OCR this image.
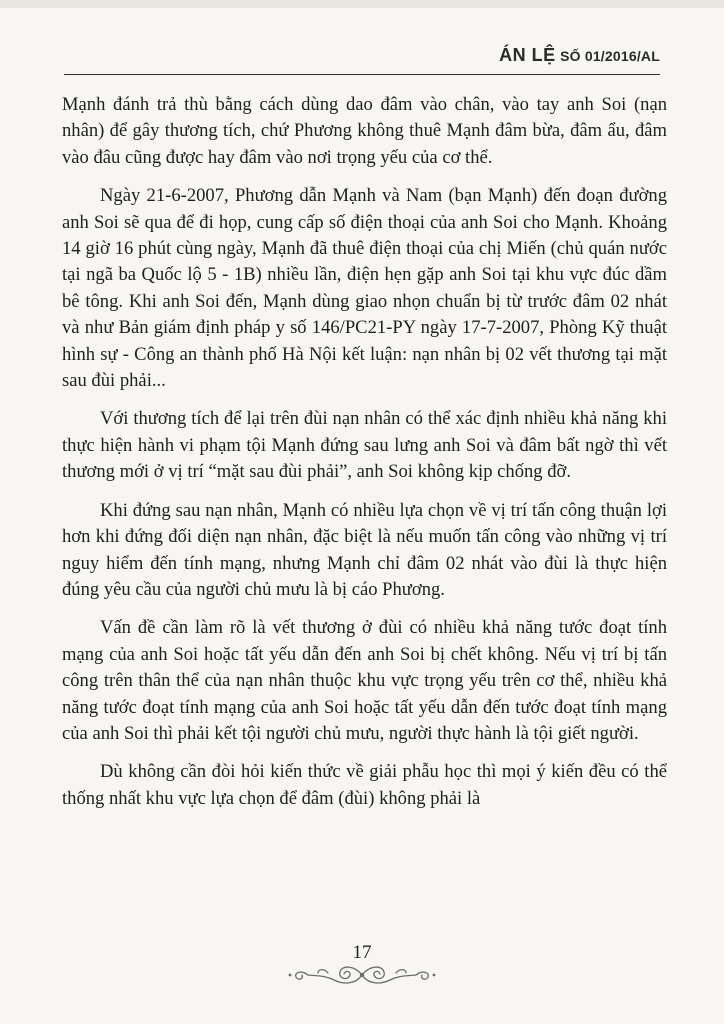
ÁN LỆ SỐ 01/2016/AL

Mạnh đánh trả thù bằng cách dùng dao đâm vào chân, vào tay anh Soi (nạn nhân) để gây thương tích, chứ Phương không thuê Mạnh đâm bừa, đâm ẩu, đâm vào đâu cũng được hay đâm vào nơi trọng yếu của cơ thể.

Ngày 21-6-2007, Phương dẫn Mạnh và Nam (bạn Mạnh) đến đoạn đường anh Soi sẽ qua để đi họp, cung cấp số điện thoại của anh Soi cho Mạnh. Khoảng 14 giờ 16 phút cùng ngày, Mạnh đã thuê điện thoại của chị Miến (chủ quán nước tại ngã ba Quốc lộ 5 - 1B) nhiều lần, điện hẹn gặp anh Soi tại khu vực đúc dầm bê tông. Khi anh Soi đến, Mạnh dùng giao nhọn chuẩn bị từ trước đâm 02 nhát và như Bản giám định pháp y số 146/PC21-PY ngày 17-7-2007, Phòng Kỹ thuật hình sự - Công an thành phố Hà Nội kết luận: nạn nhân bị 02 vết thương tại mặt sau đùi phải...

Với thương tích để lại trên đùi nạn nhân có thể xác định nhiều khả năng khi thực hiện hành vi phạm tội Mạnh đứng sau lưng anh Soi và đâm bất ngờ thì vết thương mới ở vị trí “mặt sau đùi phải”, anh Soi không kịp chống đỡ.

Khi đứng sau nạn nhân, Mạnh có nhiều lựa chọn về vị trí tấn công thuận lợi hơn khi đứng đối diện nạn nhân, đặc biệt là nếu muốn tấn công vào những vị trí nguy hiểm đến tính mạng, nhưng Mạnh chỉ đâm 02 nhát vào đùi là thực hiện đúng yêu cầu của người chủ mưu là bị cáo Phương.

Vấn đề cần làm rõ là vết thương ở đùi có nhiều khả năng tước đoạt tính mạng của anh Soi hoặc tất yếu dẫn đến anh Soi bị chết không. Nếu vị trí bị tấn công trên thân thể của nạn nhân thuộc khu vực trọng yếu trên cơ thể, nhiều khả năng tước đoạt tính mạng của anh Soi hoặc tất yếu dẫn đến tước đoạt tính mạng của anh Soi thì phải kết tội người chủ mưu, người thực hành là tội giết người.

Dù không cần đòi hỏi kiến thức về giải phẫu học thì mọi ý kiến đều có thể thống nhất khu vực lựa chọn để đâm (đùi) không phải là

17
